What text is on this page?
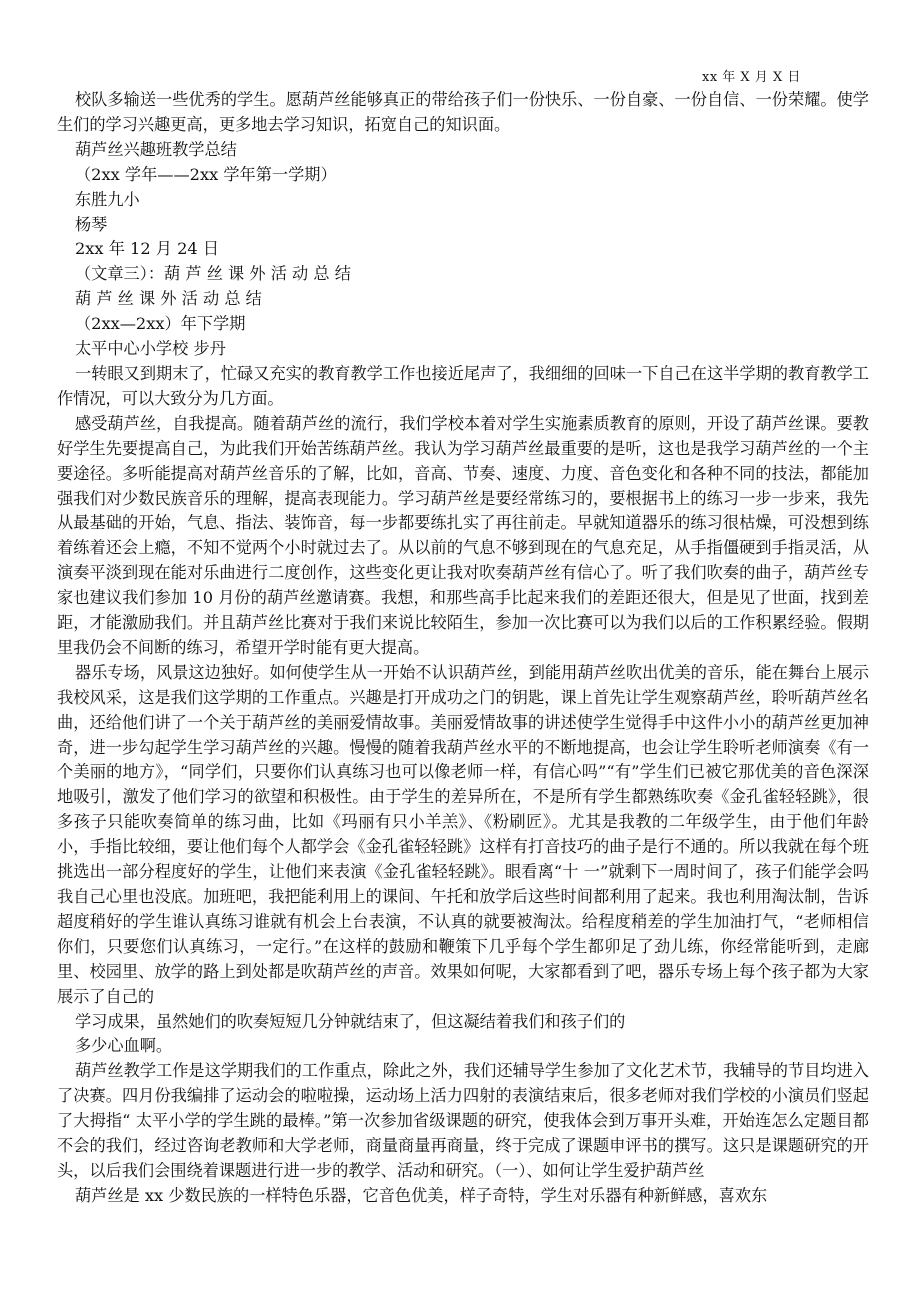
xx 年 X 月 X 日

校队多输送一些优秀的学生。愿葫芦丝能够真正的带给孩子们一份快乐、一份自豪、一份自信、一份荣耀。使学生们的学习兴趣更高，更多地去学习知识，拓宽自己的知识面。

葫芦丝兴趣班教学总结

（2xx 学年——2xx 学年第一学期）

东胜九小

杨琴

2xx 年 12 月 24 日

（文章三）：葫 芦 丝 课 外 活 动 总 结

葫 芦 丝 课 外 活 动 总 结

（2xx—2xx）年下学期

太平中心小学校 步丹

一转眼又到期末了，忙碌又充实的教育教学工作也接近尾声了，我细细的回味一下自己在这半学期的教育教学工作情况，可以大致分为几方面。

感受葫芦丝，自我提高。随着葫芦丝的流行，我们学校本着对学生实施素质教育的原则，开设了葫芦丝课。要教好学生先要提高自己，为此我们开始苦练葫芦丝。我认为学习葫芦丝最重要的是听，这也是我学习葫芦丝的一个主要途径。多听能提高对葫芦丝音乐的了解，比如，音高、节奏、速度、力度、音色变化和各种不同的技法，都能加强我们对少数民族音乐的理解，提高表现能力。学习葫芦丝是要经常练习的，要根据书上的练习一步一步来，我先从最基础的开始，气息、指法、装饰音，每一步都要练扎实了再往前走。早就知道器乐的练习很枯燥，可没想到练着练着还会上瘾，不知不觉两个小时就过去了。从以前的气息不够到现在的气息充足，从手指僵硬到手指灵活，从演奏平淡到现在能对乐曲进行二度创作，这些变化更让我对吹奏葫芦丝有信心了。听了我们吹奏的曲子，葫芦丝专家也建议我们参加 10 月份的葫芦丝邀请赛。我想，和那些高手比起来我们的差距还很大，但是见了世面，找到差距，才能激励我们。并且葫芦丝比赛对于我们来说比较陌生，参加一次比赛可以为我们以后的工作积累经验。假期里我仍会不间断的练习，希望开学时能有更大提高。

器乐专场，风景这边独好。如何使学生从一开始不认识葫芦丝，到能用葫芦丝吹出优美的音乐，能在舞台上展示我校风采，这是我们这学期的工作重点。兴趣是打开成功之门的钥匙，课上首先让学生观察葫芦丝，聆听葫芦丝名曲，还给他们讲了一个关于葫芦丝的美丽爱情故事。美丽爱情故事的讲述使学生觉得手中这件小小的葫芦丝更加神奇，进一步勾起学生学习葫芦丝的兴趣。慢慢的随着我葫芦丝水平的不断地提高，也会让学生聆听老师演奏《有一个美丽的地方》，“同学们，只要你们认真练习也可以像老师一样，有信心吗”“有”学生们已被它那优美的音色深深地吸引，激发了他们学习的欲望和积极性。由于学生的差异所在，不是所有学生都熟练吹奏《金孔雀轻轻跳》，很多孩子只能吹奏简单的练习曲，比如《玛丽有只小羊羔》、《粉刷匠》。尤其是我教的二年级学生，由于他们年龄小，手指比较细，要让他们每个人都学会《金孔雀轻轻跳》这样有打音技巧的曲子是行不通的。所以我就在每个班挑选出一部分程度好的学生，让他们来表演《金孔雀轻轻跳》。眼看离“十 一”就剩下一周时间了，孩子们能学会吗我自己心里也没底。加班吧，我把能利用上的课间、午托和放学后这些时间都利用了起来。我也利用淘汰制，告诉超度稍好的学生谁认真练习谁就有机会上台表演，不认真的就要被淘汰。给程度稍差的学生加油打气，“老师相信你们，只要您们认真练习，一定行。”在这样的鼓励和鞭策下几乎每个学生都卯足了劲儿练，你经常能听到，走廊里、校园里、放学的路上到处都是吹葫芦丝的声音。效果如何呢，大家都看到了吧，器乐专场上每个孩子都为大家展示了自己的

学习成果，虽然她们的吹奏短短几分钟就结束了，但这凝结着我们和孩子们的

多少心血啊。

葫芦丝教学工作是这学期我们的工作重点，除此之外，我们还辅导学生参加了文化艺术节，我辅导的节目均进入了决赛。四月份我编排了运动会的啦啦操，运动场上活力四射的表演结束后，很多老师对我们学校的小演员们竖起了大拇指“ 太平小学的学生跳的最棒。”第一次参加省级课题的研究，使我体会到万事开头难，开始连怎么定题目都不会的我们，经过咨询老教师和大学老师，商量商量再商量，终于完成了课题申评书的撰写。这只是课题研究的开头，以后我们会围绕着课题进行进一步的教学、活动和研究。（一）、如何让学生爱护葫芦丝

葫芦丝是 xx 少数民族的一样特色乐器，它音色优美，样子奇特，学生对乐器有种新鲜感，喜欢东
